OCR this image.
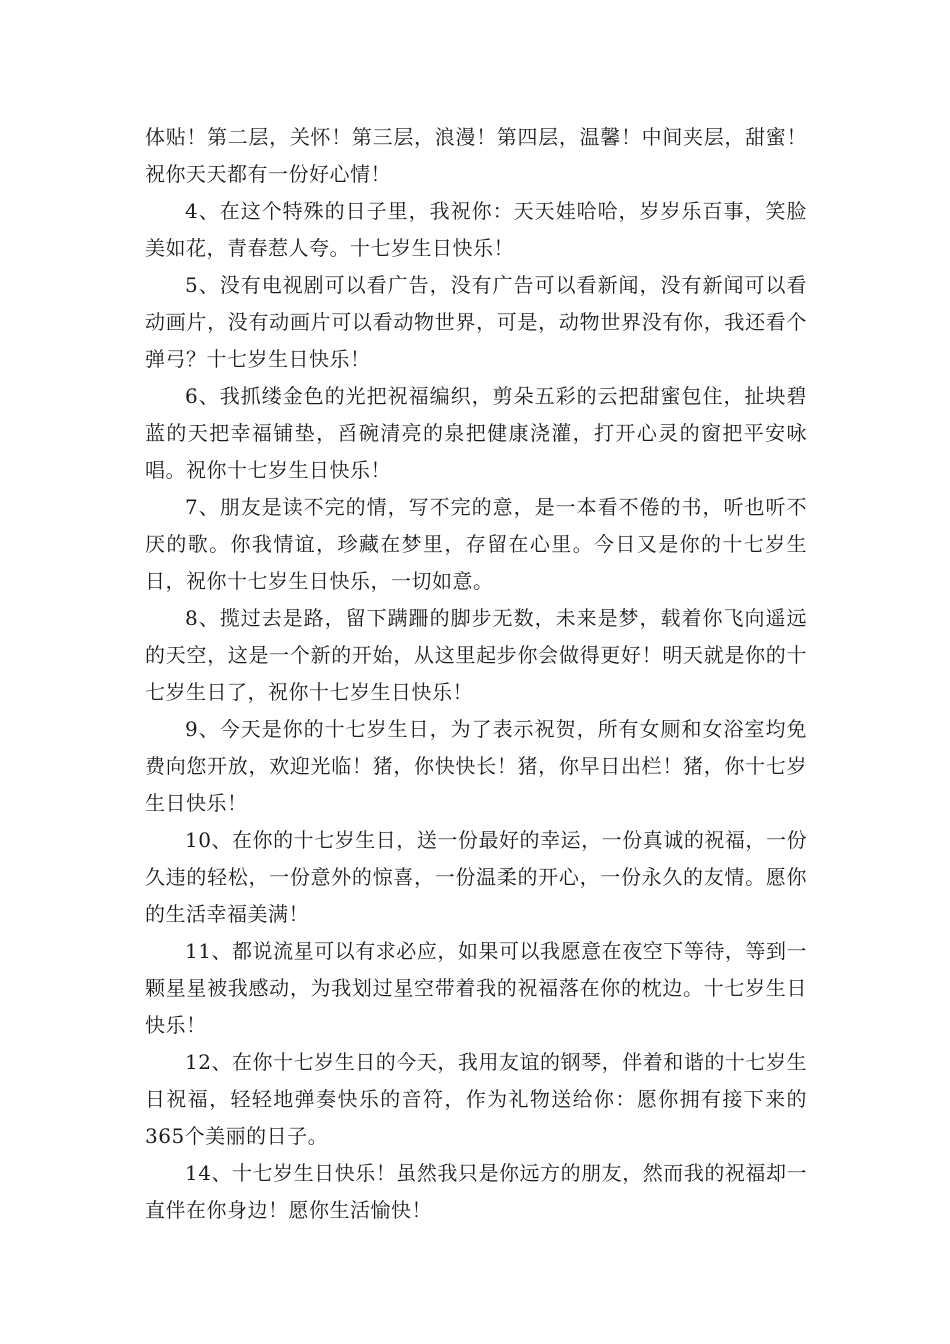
体贴！第二层，关怀！第三层，浪漫！第四层，温馨！中间夹层，甜蜜！祝你天天都有一份好心情！

4、在这个特殊的日子里，我祝你：天天娃哈哈，岁岁乐百事，笑脸美如花，青春惹人夸。十七岁生日快乐！

5、没有电视剧可以看广告，没有广告可以看新闻，没有新闻可以看动画片，没有动画片可以看动物世界，可是，动物世界没有你，我还看个弹弓？十七岁生日快乐！

6、我抓缕金色的光把祝福编织，剪朵五彩的云把甜蜜包住，扯块碧蓝的天把幸福铺垫，舀碗清亮的泉把健康浇灌，打开心灵的窗把平安咏唱。祝你十七岁生日快乐！

7、朋友是读不完的情，写不完的意，是一本看不倦的书，听也听不厌的歌。你我情谊，珍藏在梦里，存留在心里。今日又是你的十七岁生日，祝你十七岁生日快乐，一切如意。

8、揽过去是路，留下蹒跚的脚步无数，未来是梦，载着你飞向遥远的天空，这是一个新的开始，从这里起步你会做得更好！明天就是你的十七岁生日了，祝你十七岁生日快乐！

9、今天是你的十七岁生日，为了表示祝贺，所有女厕和女浴室均免费向您开放，欢迎光临！猪，你快快长！猪，你早日出栏！猪，你十七岁生日快乐！

10、在你的十七岁生日，送一份最好的幸运，一份真诚的祝福，一份久违的轻松，一份意外的惊喜，一份温柔的开心，一份永久的友情。愿你的生活幸福美满！

11、都说流星可以有求必应，如果可以我愿意在夜空下等待，等到一颗星星被我感动，为我划过星空带着我的祝福落在你的枕边。十七岁生日快乐！

12、在你十七岁生日的今天，我用友谊的钢琴，伴着和谐的十七岁生日祝福，轻轻地弹奏快乐的音符，作为礼物送给你：愿你拥有接下来的365个美丽的日子。

14、十七岁生日快乐！虽然我只是你远方的朋友，然而我的祝福却一直伴在你身边！愿你生活愉快！
